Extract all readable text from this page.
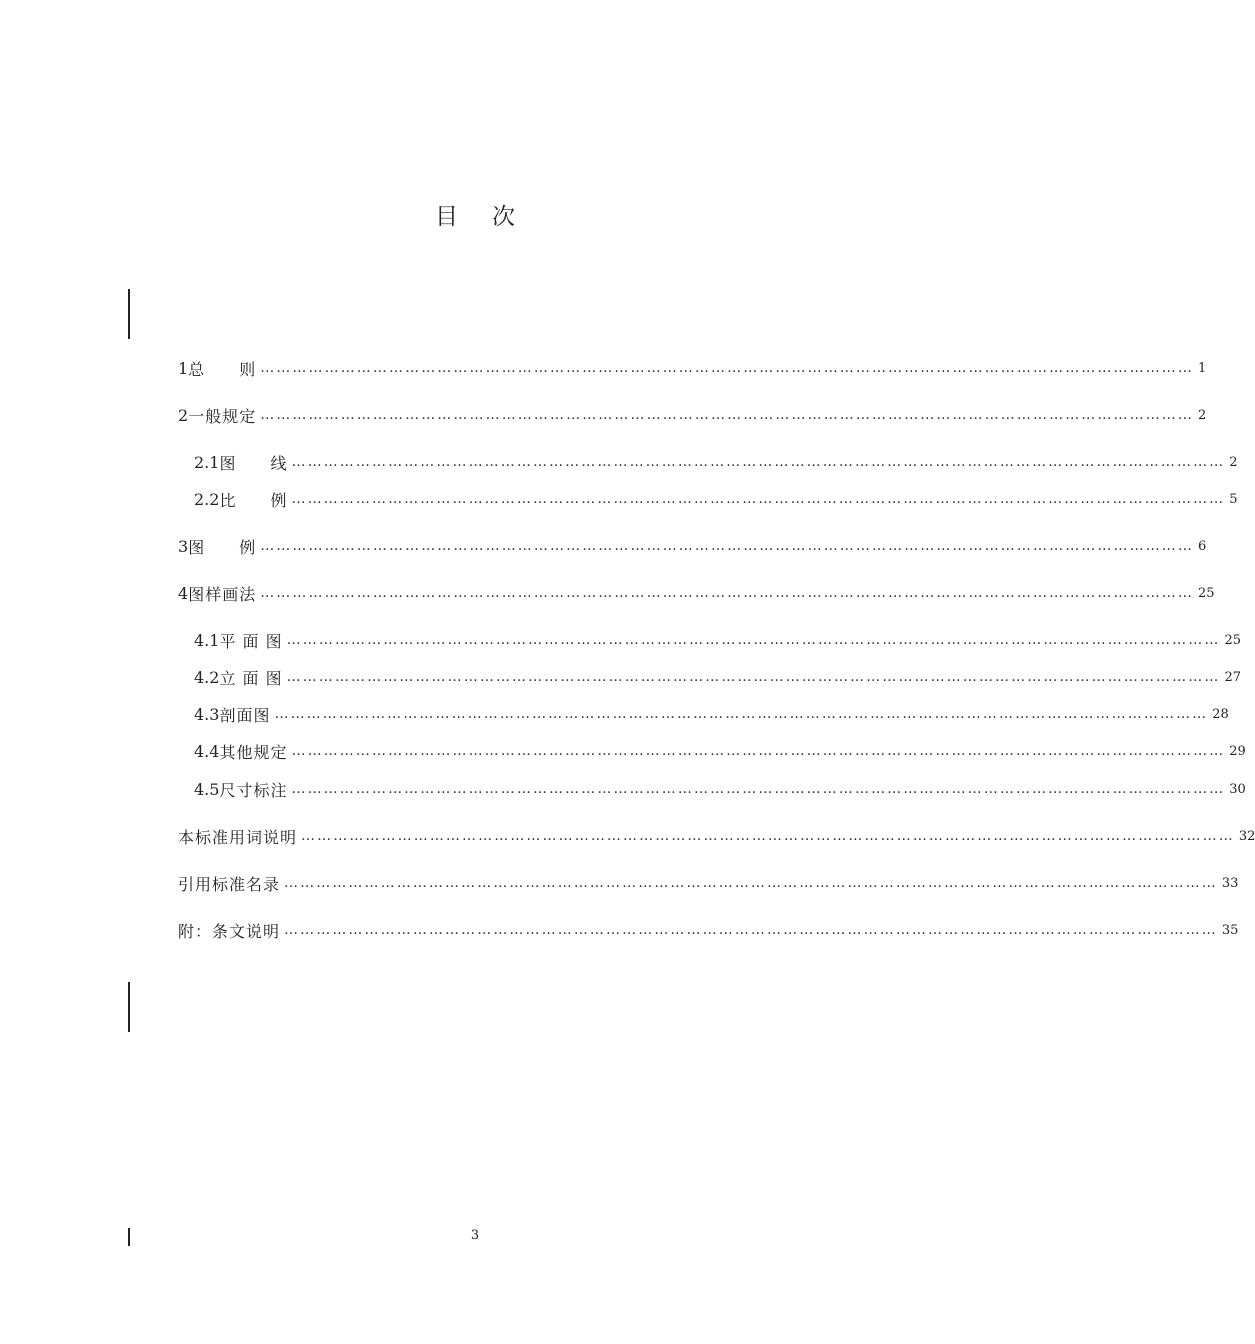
目 次
1 总　　则 ………………………………………………………………………………………………………………………………………………………… 1
2 一般规定 ………………………………………………………………………………………………………………………………………………………… 2
2.1 图　　线 ………………………………………………………………………………………………………………………………………………………… 2
2.2 比　　例 ………………………………………………………………………………………………………………………………………………………… 5
3 图　　例 ………………………………………………………………………………………………………………………………………………………… 6
4 图样画法 ………………………………………………………………………………………………………………………………………………………… 25
4.1 平 面 图 ………………………………………………………………………………………………………………………………………………………… 25
4.2 立 面 图 ………………………………………………………………………………………………………………………………………………………… 27
4.3 剖面图 ………………………………………………………………………………………………………………………………………………………… 28
4.4 其他规定 ………………………………………………………………………………………………………………………………………………………… 29
4.5 尺寸标注 ………………………………………………………………………………………………………………………………………………………… 30
本标准用词说明 ………………………………………………………………………………………………………………………………………………………… 32
引用标准名录 ………………………………………………………………………………………………………………………………………………………… 33
附：条文说明 ………………………………………………………………………………………………………………………………………………………… 35
3
